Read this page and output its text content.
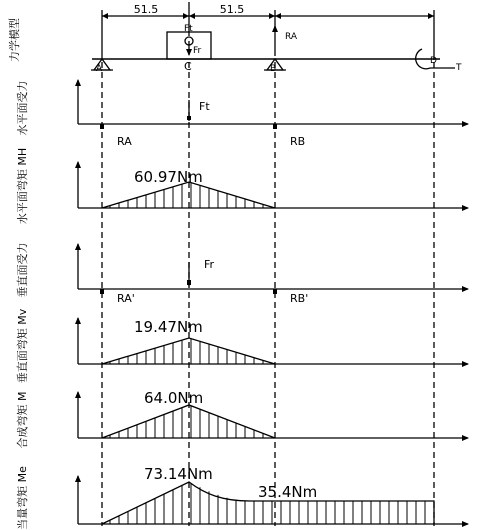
力学模型
51.5	51.5
Ft
Fr
RA
A	C	B
D
T
水平面受力	Ft
RA	RB
水平面弯矩 MH	60.97Nm
垂直面受力	Fr
RA'	RB'
垂直面弯矩 Mv	19.47Nm
合成弯矩 M	64.0Nm
当量弯矩 Me	73.14Nm
35.4Nm
